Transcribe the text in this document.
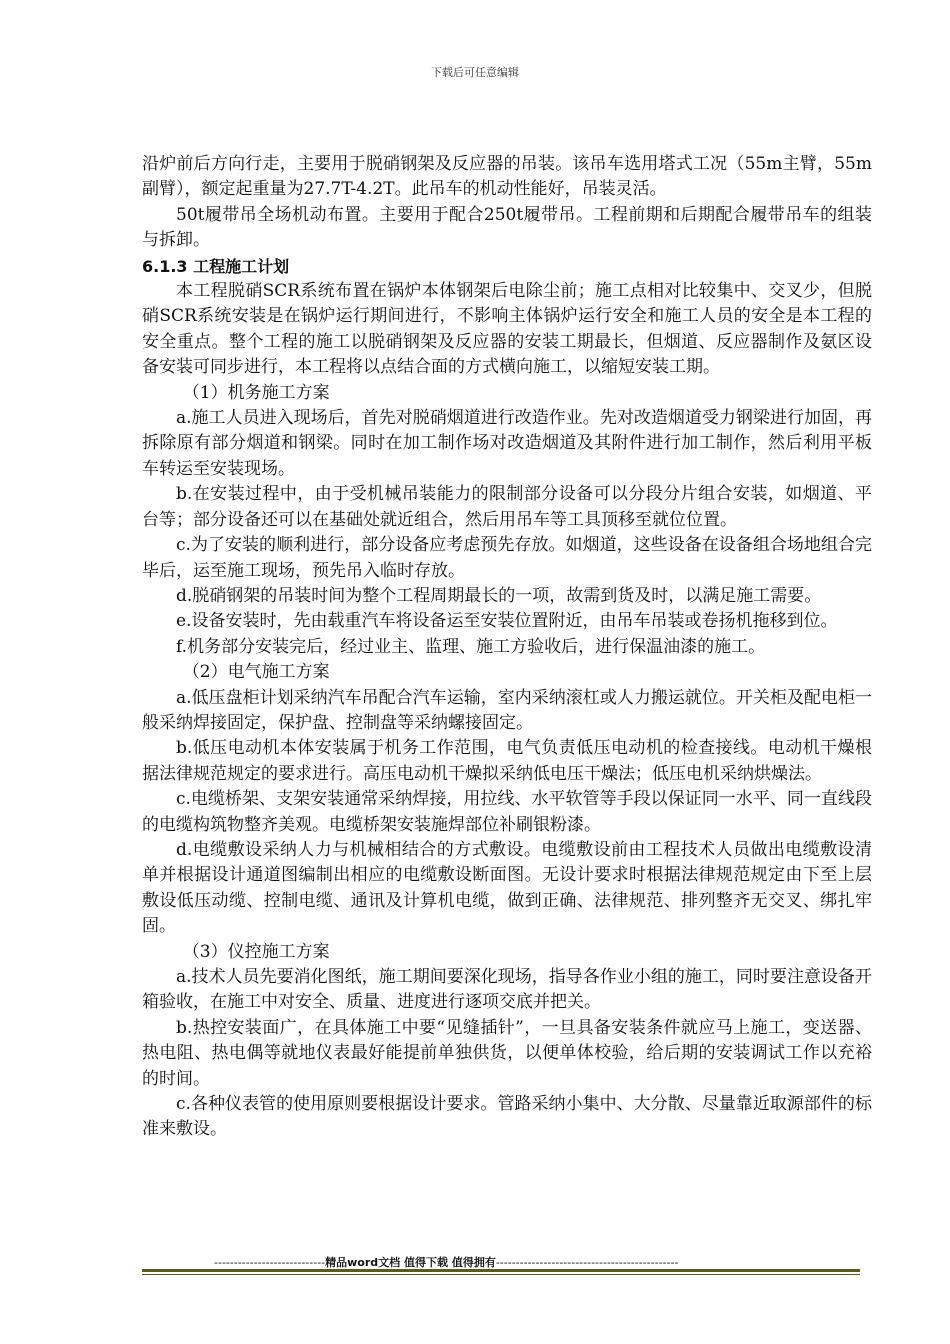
下载后可任意编辑

沿炉前后方向行走，主要用于脱硝钢架及反应器的吊装。该吊车选用塔式工况（55m主臂，55m副臂），额定起重量为27.7T-4.2T。此吊车的机动性能好，吊装灵活。

50t履带吊全场机动布置。主要用于配合250t履带吊。工程前期和后期配合履带吊车的组装与拆卸。

6.1.3 工程施工计划

本工程脱硝SCR系统布置在锅炉本体钢架后电除尘前；施工点相对比较集中、交叉少，但脱硝SCR系统安装是在锅炉运行期间进行，不影响主体锅炉运行安全和施工人员的安全是本工程的安全重点。整个工程的施工以脱硝钢架及反应器的安装工期最长，但烟道、反应器制作及氨区设备安装可同步进行，本工程将以点结合面的方式横向施工，以缩短安装工期。

（1）机务施工方案

a.施工人员进入现场后，首先对脱硝烟道进行改造作业。先对改造烟道受力钢梁进行加固，再拆除原有部分烟道和钢梁。同时在加工制作场对改造烟道及其附件进行加工制作，然后利用平板车转运至安装现场。

b.在安装过程中，由于受机械吊装能力的限制部分设备可以分段分片组合安装，如烟道、平台等；部分设备还可以在基础处就近组合，然后用吊车等工具顶移至就位位置。

c.为了安装的顺利进行，部分设备应考虑预先存放。如烟道，这些设备在设备组合场地组合完毕后，运至施工现场，预先吊入临时存放。

d.脱硝钢架的吊装时间为整个工程周期最长的一项，故需到货及时，以满足施工需要。

e.设备安装时，先由载重汽车将设备运至安装位置附近，由吊车吊装或卷扬机拖移到位。

f.机务部分安装完后，经过业主、监理、施工方验收后，进行保温油漆的施工。

（2）电气施工方案

a.低压盘柜计划采纳汽车吊配合汽车运输，室内采纳滚杠或人力搬运就位。开关柜及配电柜一般采纳焊接固定，保护盘、控制盘等采纳螺接固定。

b.低压电动机本体安装属于机务工作范围，电气负责低压电动机的检查接线。电动机干燥根据法律规范规定的要求进行。高压电动机干燥拟采纳低电压干燥法；低压电机采纳烘燥法。

c.电缆桥架、支架安装通常采纳焊接，用拉线、水平软管等手段以保证同一水平、同一直线段的电缆构筑物整齐美观。电缆桥架安装施焊部位补刷银粉漆。

d.电缆敷设采纳人力与机械相结合的方式敷设。电缆敷设前由工程技术人员做出电缆敷设清单并根据设计通道图编制出相应的电缆敷设断面图。无设计要求时根据法律规范规定由下至上层敷设低压动缆、控制电缆、通讯及计算机电缆，做到正确、法律规范、排列整齐无交叉、绑扎牢固。

（3）仪控施工方案

a.技术人员先要消化图纸，施工期间要深化现场，指导各作业小组的施工，同时要注意设备开箱验收，在施工中对安全、质量、进度进行逐项交底并把关。

b.热控安装面广，在具体施工中要“见缝插针”，一旦具备安装条件就应马上施工，变送器、热电阻、热电偶等就地仪表最好能提前单独供货，以便单体校验，给后期的安装调试工作以充裕的时间。

c.各种仪表管的使用原则要根据设计要求。管路采纳小集中、大分散、尽量靠近取源部件的标准来敷设。

----------------------------精品word文档 值得下载 值得拥有----------------------------------------------
